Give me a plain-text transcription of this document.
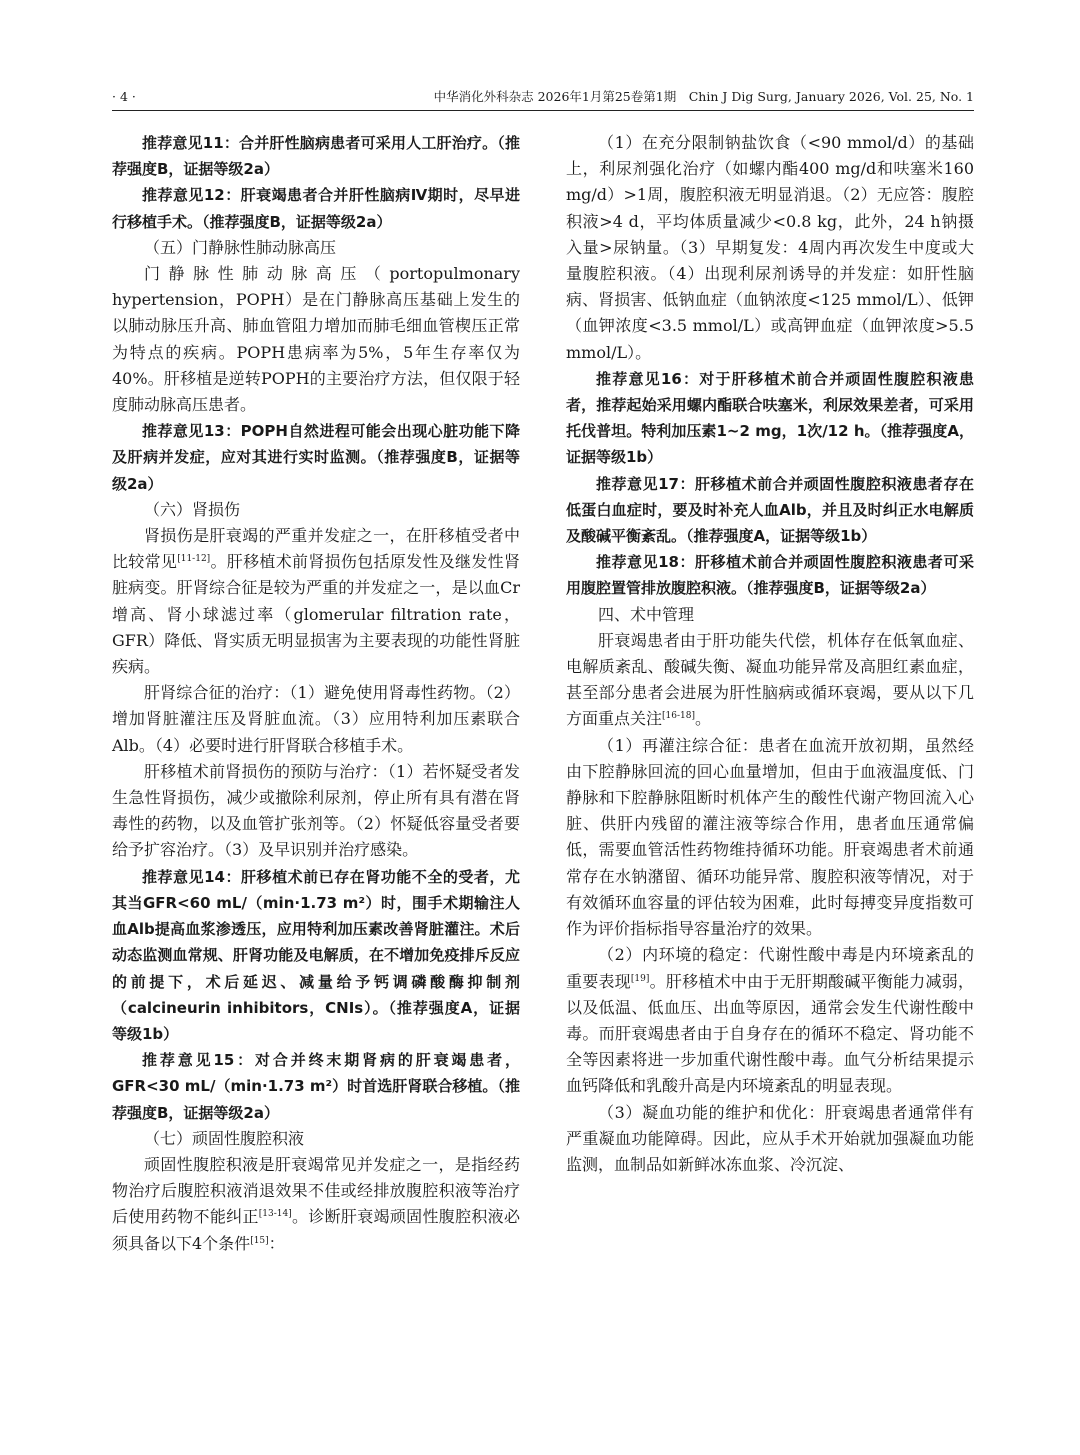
· 4 ·	中华消化外科杂志 2026年1月第25卷第1期　Chin J Dig Surg, January 2026, Vol. 25, No. 1

推荐意见11：合并肝性脑病患者可采用人工肝治疗。（推荐强度B，证据等级2a）

推荐意见12：肝衰竭患者合并肝性脑病Ⅳ期时，尽早进行移植手术。（推荐强度B，证据等级2a）

（五）门静脉性肺动脉高压

门静脉性肺动脉高压（portopulmonary hypertension，POPH）是在门静脉高压基础上发生的以肺动脉压升高、肺血管阻力增加而肺毛细血管楔压正常为特点的疾病。POPH患病率为5%，5年生存率仅为40%。肝移植是逆转POPH的主要治疗方法，但仅限于轻度肺动脉高压患者。

推荐意见13：POPH自然进程可能会出现心脏功能下降及肝病并发症，应对其进行实时监测。（推荐强度B，证据等级2a）

（六）肾损伤

肾损伤是肝衰竭的严重并发症之一，在肝移植受者中比较常见[11-12]。肝移植术前肾损伤包括原发性及继发性肾脏病变。肝肾综合征是较为严重的并发症之一，是以血Cr增高、肾小球滤过率（glomerular filtration rate，GFR）降低、肾实质无明显损害为主要表现的功能性肾脏疾病。

肝肾综合征的治疗：（1）避免使用肾毒性药物。（2）增加肾脏灌注压及肾脏血流。（3）应用特利加压素联合Alb。（4）必要时进行肝肾联合移植手术。

肝移植术前肾损伤的预防与治疗：（1）若怀疑受者发生急性肾损伤，减少或撤除利尿剂，停止所有具有潜在肾毒性的药物，以及血管扩张剂等。（2）怀疑低容量受者要给予扩容治疗。（3）及早识别并治疗感染。

推荐意见14：肝移植术前已存在肾功能不全的受者，尤其当GFR<60 mL/（min·1.73 m²）时，围手术期输注人血Alb提高血浆渗透压，应用特利加压素改善肾脏灌注。术后动态监测血常规、肝肾功能及电解质，在不增加免疫排斥反应的前提下，术后延迟、减量给予钙调磷酸酶抑制剂（calcineurin inhibitors，CNIs）。（推荐强度A，证据等级1b）

推荐意见15：对合并终末期肾病的肝衰竭患者，GFR<30 mL/（min·1.73 m²）时首选肝肾联合移植。（推荐强度B，证据等级2a）

（七）顽固性腹腔积液

顽固性腹腔积液是肝衰竭常见并发症之一，是指经药物治疗后腹腔积液消退效果不佳或经排放腹腔积液等治疗后使用药物不能纠正[13-14]。诊断肝衰竭顽固性腹腔积液必须具备以下4个条件[15]：

（1）在充分限制钠盐饮食（<90 mmol/d）的基础上，利尿剂强化治疗（如螺内酯400 mg/d和呋塞米160 mg/d）>1周，腹腔积液无明显消退。（2）无应答：腹腔积液>4 d，平均体质量减少<0.8 kg，此外，24 h钠摄入量>尿钠量。（3）早期复发：4周内再次发生中度或大量腹腔积液。（4）出现利尿剂诱导的并发症：如肝性脑病、肾损害、低钠血症（血钠浓度<125 mmol/L）、低钾（血钾浓度<3.5 mmol/L）或高钾血症（血钾浓度>5.5 mmol/L）。

推荐意见16：对于肝移植术前合并顽固性腹腔积液患者，推荐起始采用螺内酯联合呋塞米，利尿效果差者，可采用托伐普坦。特利加压素1~2 mg，1次/12 h。（推荐强度A，证据等级1b）

推荐意见17：肝移植术前合并顽固性腹腔积液患者存在低蛋白血症时，要及时补充人血Alb，并且及时纠正水电解质及酸碱平衡紊乱。（推荐强度A，证据等级1b）

推荐意见18：肝移植术前合并顽固性腹腔积液患者可采用腹腔置管排放腹腔积液。（推荐强度B，证据等级2a）

四、术中管理

肝衰竭患者由于肝功能失代偿，机体存在低氧血症、电解质紊乱、酸碱失衡、凝血功能异常及高胆红素血症，甚至部分患者会进展为肝性脑病或循环衰竭，要从以下几方面重点关注[16-18]。

（1）再灌注综合征：患者在血流开放初期，虽然经由下腔静脉回流的回心血量增加，但由于血液温度低、门静脉和下腔静脉阻断时机体产生的酸性代谢产物回流入心脏、供肝内残留的灌注液等综合作用，患者血压通常偏低，需要血管活性药物维持循环功能。肝衰竭患者术前通常存在水钠潴留、循环功能异常、腹腔积液等情况，对于有效循环血容量的评估较为困难，此时每搏变异度指数可作为评价指标指导容量治疗的效果。

（2）内环境的稳定：代谢性酸中毒是内环境紊乱的重要表现[19]。肝移植术中由于无肝期酸碱平衡能力减弱，以及低温、低血压、出血等原因，通常会发生代谢性酸中毒。而肝衰竭患者由于自身存在的循环不稳定、肾功能不全等因素将进一步加重代谢性酸中毒。血气分析结果提示血钙降低和乳酸升高是内环境紊乱的明显表现。

（3）凝血功能的维护和优化：肝衰竭患者通常伴有严重凝血功能障碍。因此，应从手术开始就加强凝血功能监测，血制品如新鲜冰冻血浆、冷沉淀、
